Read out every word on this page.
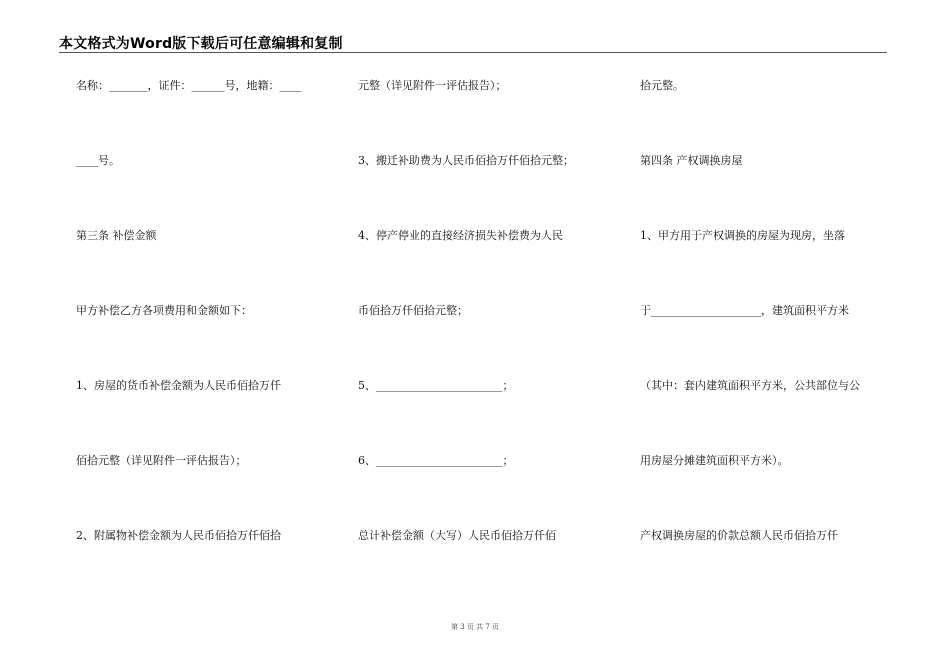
本文格式为Word版下载后可任意编辑和复制
名称：_______，证件：______号，地籍：____
____号。
第三条 补偿金额
甲方补偿乙方各项费用和金额如下：
1、房屋的货币补偿金额为人民币佰拾万仟
佰拾元整（详见附件一评估报告）；
2、附属物补偿金额为人民币佰拾万仟佰拾
元整（详见附件一评估报告）；
3、搬迁补助费为人民币佰拾万仟佰拾元整；
4、停产停业的直接经济损失补偿费为人民
币佰拾万仟佰拾元整；
5、_______________________；
6、_______________________；
总计补偿金额（大写）人民币佰拾万仟佰
拾元整。
第四条 产权调换房屋
1、甲方用于产权调换的房屋为现房，坐落
于____________________，建筑面积平方米
（其中：套内建筑面积平方米，公共部位与公
用房屋分摊建筑面积平方米）。
产权调换房屋的价款总额人民币佰拾万仟
第 3 页 共 7 页
